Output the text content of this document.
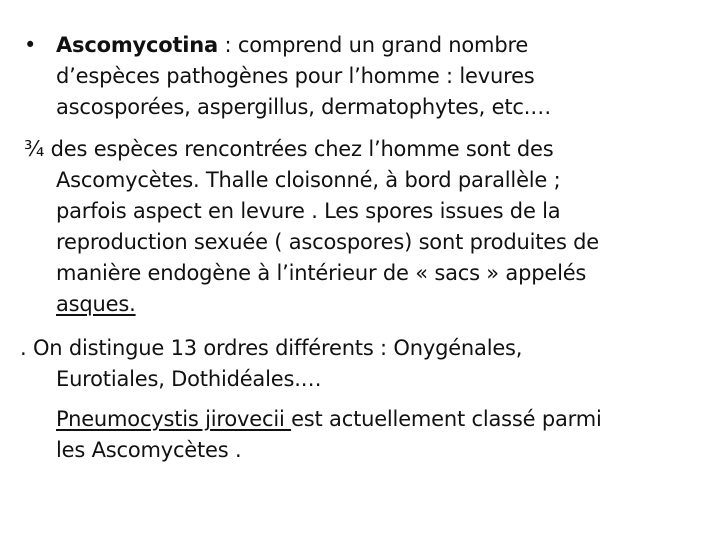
• Ascomycotina : comprend un grand nombre
d’espèces pathogènes pour l’homme : levures
ascosporées, aspergillus, dermatophytes, etc.…
¾ des espèces rencontrées chez l’homme sont des
Ascomycètes. Thalle cloisonné, à bord parallèle ;
parfois aspect en levure . Les spores issues de la
reproduction sexuée ( ascospores) sont produites de
manière endogène à l’intérieur de « sacs » appelés
asques.
. On distingue 13 ordres différents : Onygénales,
Eurotiales, Dothidéales.…
Pneumocystis jirovecii est actuellement classé parmi
les Ascomycètes .
